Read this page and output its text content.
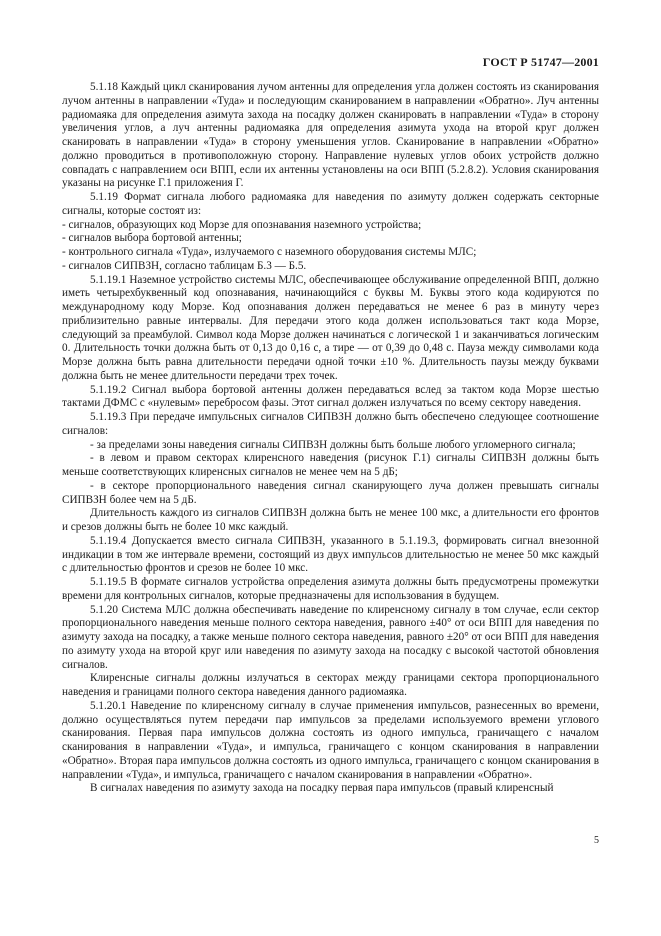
ГОСТ Р 51747—2001

5.1.18 Каждый цикл сканирования лучом антенны для определения угла должен состоять из сканирования лучом антенны в направлении «Туда» и последующим сканированием в направлении «Обратно». Луч антенны радиомаяка для определения азимута захода на посадку должен сканировать в направлении «Туда» в сторону увеличения углов, а луч антенны радиомаяка для определения азимута ухода на второй круг должен сканировать в направлении «Туда» в сторону уменьшения углов. Сканирование в направлении «Обратно» должно проводиться в противоположную сторону. Направление нулевых углов обоих устройств должно совпадать с направлением оси ВПП, если их антенны установлены на оси ВПП (5.2.8.2). Условия сканирования указаны на рисунке Г.1 приложения Г.

5.1.19 Формат сигнала любого радиомаяка для наведения по азимуту должен содержать секторные сигналы, которые состоят из:

- сигналов, образующих код Морзе для опознавания наземного устройства;

- сигналов выбора бортовой антенны;

- контрольного сигнала «Туда», излучаемого с наземного оборудования системы МЛС;

- сигналов СИПВЗН, согласно таблицам Б.3 — Б.5.

5.1.19.1 Наземное устройство системы МЛС, обеспечивающее обслуживание определенной ВПП, должно иметь четырехбуквенный код опознавания, начинающийся с буквы М. Буквы этого кода кодируются по международному коду Морзе. Код опознавания должен передаваться не менее 6 раз в минуту через приблизительно равные интервалы. Для передачи этого кода должен использоваться такт кода Морзе, следующий за преамбулой. Символ кода Морзе должен начинаться с логической 1 и заканчиваться логическим 0. Длительность точки должна быть от 0,13 до 0,16 с, а тире — от 0,39 до 0,48 с. Пауза между символами кода Морзе должна быть равна длительности передачи одной точки ±10 %. Длительность паузы между буквами должна быть не менее длительности передачи трех точек.

5.1.19.2 Сигнал выбора бортовой антенны должен передаваться вслед за тактом кода Морзе шестью тактами ДФМС с «нулевым» перебросом фазы. Этот сигнал должен излучаться по всему сектору наведения.

5.1.19.3 При передаче импульсных сигналов СИПВЗН должно быть обеспечено следующее соотношение сигналов:

- за пределами зоны наведения сигналы СИПВЗН должны быть больше любого угломерного сигнала;

- в левом и правом секторах клиренсного наведения (рисунок Г.1) сигналы СИПВЗН должны быть меньше соответствующих клиренсных сигналов не менее чем на 5 дБ;

- в секторе пропорционального наведения сигнал сканирующего луча должен превышать сигналы СИПВЗН более чем на 5 дБ.

Длительность каждого из сигналов СИПВЗН должна быть не менее 100 мкс, а длительности его фронтов и срезов должны быть не более 10 мкс каждый.

5.1.19.4 Допускается вместо сигнала СИПВЗН, указанного в 5.1.19.3, формировать сигнал внезонной индикации в том же интервале времени, состоящий из двух импульсов длительностью не менее 50 мкс каждый с длительностью фронтов и срезов не более 10 мкс.

5.1.19.5 В формате сигналов устройства определения азимута должны быть предусмотрены промежутки времени для контрольных сигналов, которые предназначены для использования в будущем.

5.1.20 Система МЛС должна обеспечивать наведение по клиренсному сигналу в том случае, если сектор пропорционального наведения меньше полного сектора наведения, равного ±40° от оси ВПП для наведения по азимуту захода на посадку, а также меньше полного сектора наведения, равного ±20° от оси ВПП для наведения по азимуту ухода на второй круг или наведения по азимуту захода на посадку с высокой частотой обновления сигналов.

Клиренсные сигналы должны излучаться в секторах между границами сектора пропорционального наведения и границами полного сектора наведения данного радиомаяка.

5.1.20.1 Наведение по клиренсному сигналу в случае применения импульсов, разнесенных во времени, должно осуществляться путем передачи пар импульсов за пределами используемого времени углового сканирования. Первая пара импульсов должна состоять из одного импульса, граничащего с началом сканирования в направлении «Туда», и импульса, граничащего с концом сканирования в направлении «Обратно». Вторая пара импульсов должна состоять из одного импульса, граничащего с концом сканирования в направлении «Туда», и импульса, граничащего с началом сканирования в направлении «Обратно».

В сигналах наведения по азимуту захода на посадку первая пара импульсов (правый клиренсный

5
